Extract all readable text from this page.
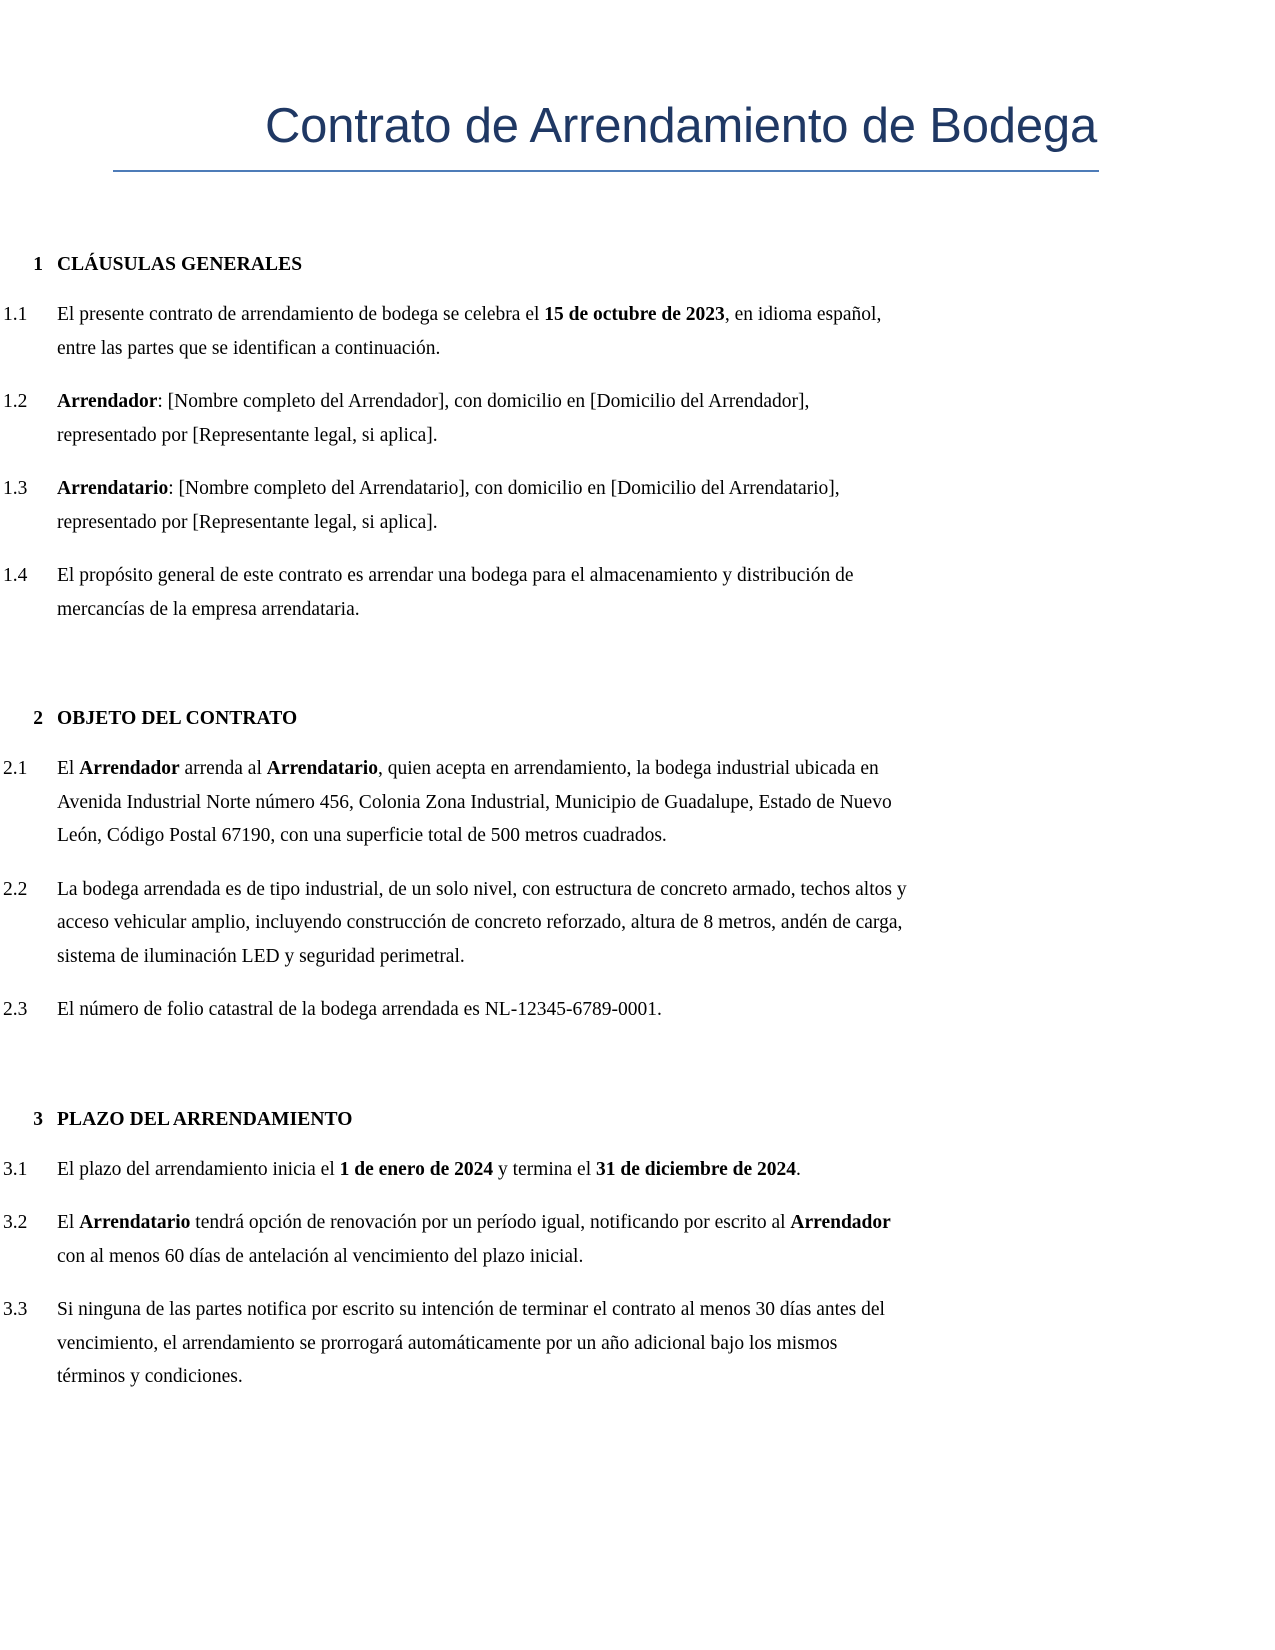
Contrato de Arrendamiento de Bodega
1 CLÁUSULAS GENERALES
1.1	El presente contrato de arrendamiento de bodega se celebra el 15 de octubre de 2023, en idioma español, entre las partes que se identifican a continuación.

1.2	Arrendador: [Nombre completo del Arrendador], con domicilio en [Domicilio del Arrendador], representado por [Representante legal, si aplica].

1.3	Arrendatario: [Nombre completo del Arrendatario], con domicilio en [Domicilio del Arrendatario], representado por [Representante legal, si aplica].

1.4	El propósito general de este contrato es arrendar una bodega para el almacenamiento y distribución de mercancías de la empresa arrendataria.

2 OBJETO DEL CONTRATO
2.1	El Arrendador arrenda al Arrendatario, quien acepta en arrendamiento, la bodega industrial ubicada en Avenida Industrial Norte número 456, Colonia Zona Industrial, Municipio de Guadalupe, Estado de Nuevo León, Código Postal 67190, con una superficie total de 500 metros cuadrados.

2.2	La bodega arrendada es de tipo industrial, de un solo nivel, con estructura de concreto armado, techos altos y acceso vehicular amplio, incluyendo construcción de concreto reforzado, altura de 8 metros, andén de carga, sistema de iluminación LED y seguridad perimetral.

2.3	El número de folio catastral de la bodega arrendada es NL-12345-6789-0001.

3 PLAZO DEL ARRENDAMIENTO
3.1	El plazo del arrendamiento inicia el 1 de enero de 2024 y termina el 31 de diciembre de 2024.

3.2	El Arrendatario tendrá opción de renovación por un período igual, notificando por escrito al Arrendador con al menos 60 días de antelación al vencimiento del plazo inicial.

3.3	Si ninguna de las partes notifica por escrito su intención de terminar el contrato al menos 30 días antes del vencimiento, el arrendamiento se prorrogará automáticamente por un año adicional bajo los mismos términos y condiciones.
